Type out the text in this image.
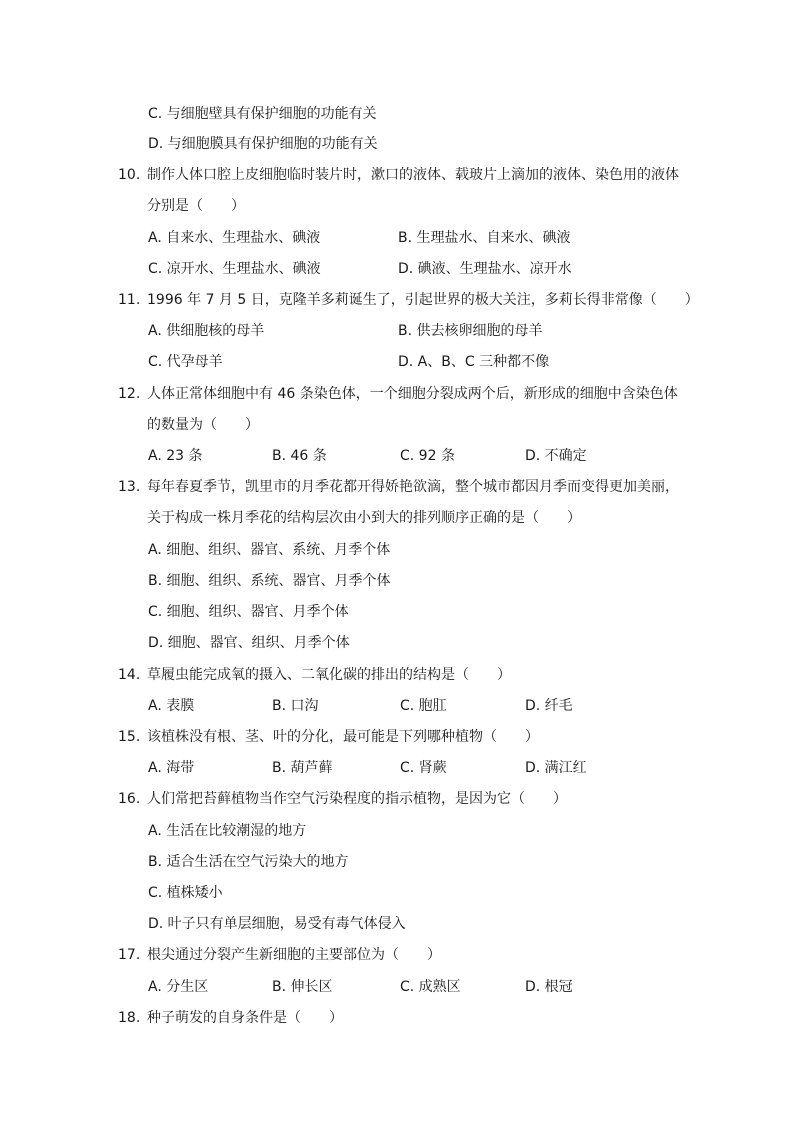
C. 与细胞壁具有保护细胞的功能有关
D. 与细胞膜具有保护细胞的功能有关
10. 制作人体口腔上皮细胞临时装片时，漱口的液体、载玻片上滴加的液体、染色用的液体
分别是（　　）
A. 自来水、生理盐水、碘液	B. 生理盐水、自来水、碘液
C. 凉开水、生理盐水、碘液	D. 碘液、生理盐水、凉开水
11. 1996 年 7 月 5 日，克隆羊多莉诞生了，引起世界的极大关注，多莉长得非常像（　　）
A. 供细胞核的母羊	B. 供去核卵细胞的母羊
C. 代孕母羊	D. A、B、C 三种都不像
12. 人体正常体细胞中有 46 条染色体，一个细胞分裂成两个后，新形成的细胞中含染色体
的数量为（　　）
A. 23 条	B. 46 条	C. 92 条	D. 不确定
13. 每年春夏季节，凯里市的月季花都开得娇艳欲滴，整个城市都因月季而变得更加美丽，
关于构成一株月季花的结构层次由小到大的排列顺序正确的是（　　）
A. 细胞、组织、器官、系统、月季个体
B. 细胞、组织、系统、器官、月季个体
C. 细胞、组织、器官、月季个体
D. 细胞、器官、组织、月季个体
14. 草履虫能完成氧的摄入、二氧化碳的排出的结构是（　　）
A. 表膜	B. 口沟	C. 胞肛	D. 纤毛
15. 该植株没有根、茎、叶的分化，最可能是下列哪种植物（　　）
A. 海带	B. 葫芦藓	C. 肾蕨	D. 满江红
16. 人们常把苔藓植物当作空气污染程度的指示植物，是因为它（　　）
A. 生活在比较潮湿的地方
B. 适合生活在空气污染大的地方
C. 植株矮小
D. 叶子只有单层细胞，易受有毒气体侵入
17. 根尖通过分裂产生新细胞的主要部位为（　　）
A. 分生区	B. 伸长区	C. 成熟区	D. 根冠
18. 种子萌发的自身条件是（　　）
